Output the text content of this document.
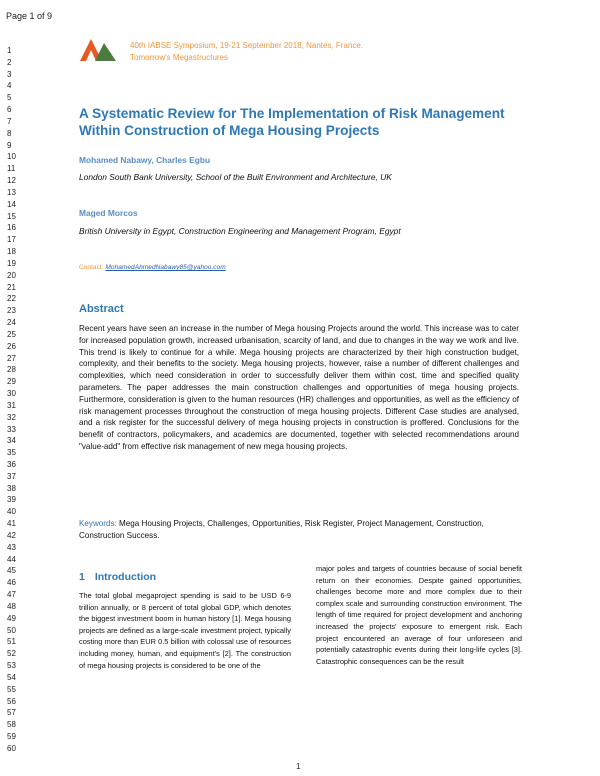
Page 1 of 9
1
2
3
4
5
6
7
8
9
10
11
12
13
14
15
16
17
18
19
20
21
22
23
24
25
26
27
28
29
30
31
32
33
34
35
36
37
38
39
40
41
42
43
44
45
46
47
48
49
50
51
52
53
54
55
56
57
58
59
60
40th IABSE Symposium, 19-21 September 2018, Nantes, France.
Tomorrow's Megastructures
A Systematic Review for The Implementation of Risk Management Within Construction of Mega Housing Projects
Mohamed Nabawy, Charles Egbu
London South Bank University, School of the Built Environment and Architecture, UK
Maged Morcos
British University in Egypt, Construction Engineering and Management Program, Egypt
Contact: MohamedAhmedNabawy85@yahoo.com
Abstract
Recent years have seen an increase in the number of Mega housing Projects around the world. This increase was to cater for increased population growth, increased urbanisation, scarcity of land, and due to changes in the way we work and live. This trend is likely to continue for a while. Mega housing projects are characterized by their high construction budget, complexity, and their benefits to the society. Mega housing projects, however, raise a number of different challenges and complexities, which need consideration in order to successfully deliver them within cost, time and specified quality parameters. The paper addresses the main construction challenges and opportunities of mega housing projects. Furthermore, consideration is given to the human resources (HR) challenges and opportunities, as well as the efficiency of risk management processes throughout the construction of mega housing projects. Different Case studies are analysed, and a risk register for the successful delivery of mega housing projects in construction is proffered. Conclusions for the benefit of contractors, policymakers, and academics are documented, together with selected recommendations around "value-add" from effective risk management of new mega housing projects.
Keywords: Mega Housing Projects, Challenges, Opportunities, Risk Register, Project Management, Construction, Construction Success.
1 Introduction
The total global megaproject spending is said to be USD 6-9 trillion annually, or 8 percent of total global GDP, which denotes the biggest investment boom in human history [1]. Mega housing projects are defined as a large-scale investment project, typically costing more than EUR 0.5 billion with colossal use of resources including money, human, and equipment's [2]. The construction of mega housing projects is considered to be one of the
major poles and targets of countries because of social benefit return on their economies. Despite gained opportunities, challenges become more and more complex due to their complex scale and surrounding construction environment. The length of time required for project development and anchoring increased the projects' exposure to emergent risk. Each project encountered an average of four unforeseen and potentially catastrophic events during their long-life cycles [3]. Catastrophic consequences can be the result
1
